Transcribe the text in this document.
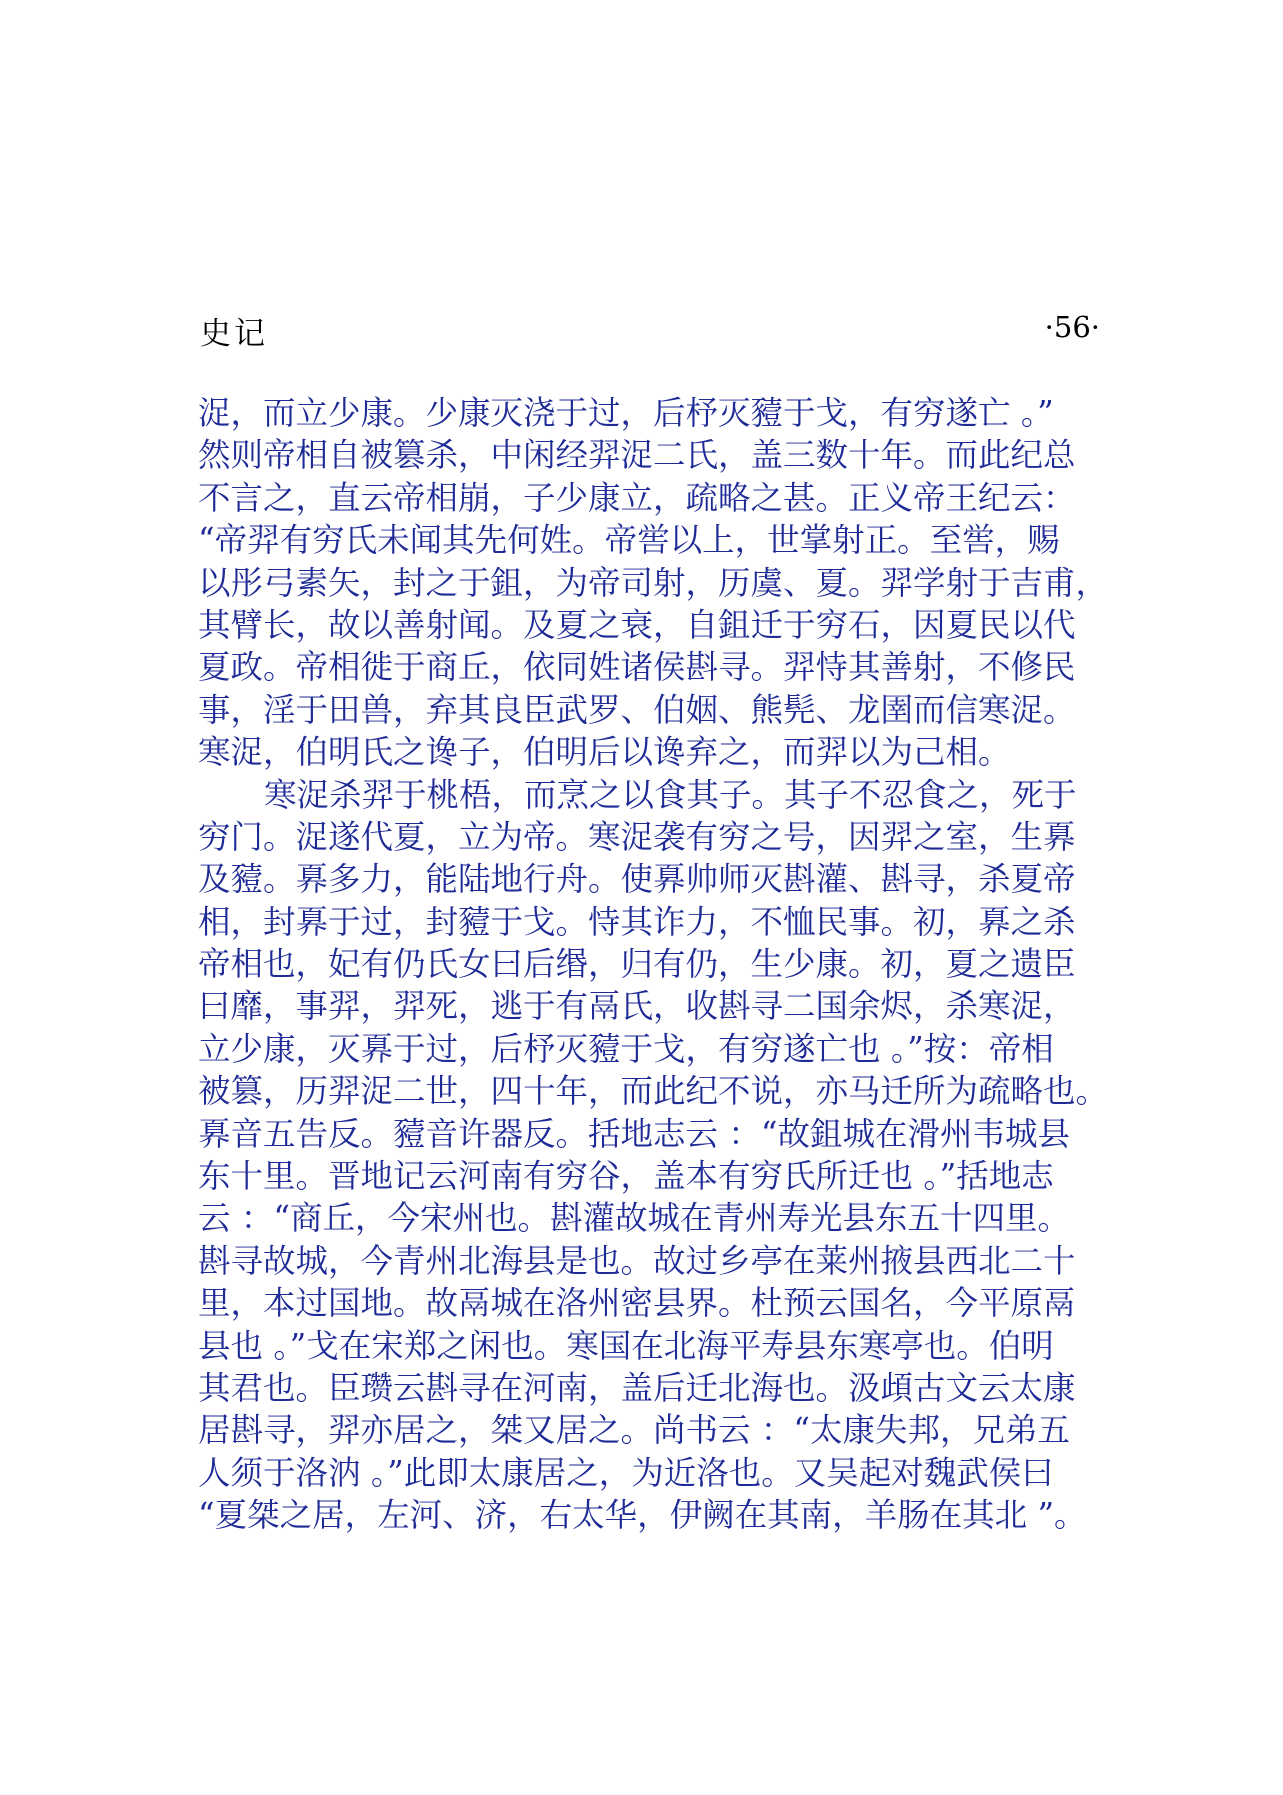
史记	·56·
浞，而立少康。少康灭浇于过，后杼灭豷于戈，有穷遂亡 。”
然则帝相自被篡杀，中闲经羿浞二氏，盖三数十年。而此纪总
不言之，直云帝相崩，子少康立，疏略之甚。正义帝王纪云：
“帝羿有穷氏未闻其先何姓。帝喾以上，世掌射正。至喾，赐
以彤弓素矢，封之于鉏，为帝司射，历虞、夏。羿学射于吉甫，
其臂长，故以善射闻。及夏之衰，自鉏迁于穷石，因夏民以代
夏政。帝相徙于商丘，依同姓诸侯斟寻。羿恃其善射，不修民
事，淫于田兽，弃其良臣武罗、伯姻、熊髡、龙圉而信寒浞。
寒浞，伯明氏之谗子，伯明后以谗弃之，而羿以为己相。
寒浞杀羿于桃梧，而烹之以食其子。其子不忍食之，死于
穷门。浞遂代夏，立为帝。寒浞袭有穷之号，因羿之室，生奡
及豷。奡多力，能陆地行舟。使奡帅师灭斟灌、斟寻，杀夏帝
相，封奡于过，封豷于戈。恃其诈力，不恤民事。初，奡之杀
帝相也，妃有仍氏女曰后缗，归有仍，生少康。初，夏之遗臣
曰靡，事羿，羿死，逃于有鬲氏，收斟寻二国余烬，杀寒浞，
立少康，灭奡于过，后杼灭豷于戈，有穷遂亡也 。”按：帝相
被篡，历羿浞二世，四十年，而此纪不说，亦马迁所为疏略也。
奡音五告反。豷音许器反。括地志云 ：“故鉏城在滑州韦城县
东十里。晋地记云河南有穷谷，盖本有穷氏所迁也 。”括地志
云 ：“商丘，今宋州也。斟灌故城在青州寿光县东五十四里。
斟寻故城，今青州北海县是也。故过乡亭在莱州掖县西北二十
里，本过国地。故鬲城在洛州密县界。杜预云国名，今平原鬲
县也 。”戈在宋郑之闲也。寒国在北海平寿县东寒亭也。伯明
其君也。臣瓒云斟寻在河南，盖后迁北海也。汲頉古文云太康
居斟寻，羿亦居之，桀又居之。尚书云 ：“太康失邦，兄弟五
人须于洛汭 。”此即太康居之，为近洛也。又吴起对魏武侯曰
“夏桀之居，左河、济，右太华，伊阙在其南，羊肠在其北 ”。
